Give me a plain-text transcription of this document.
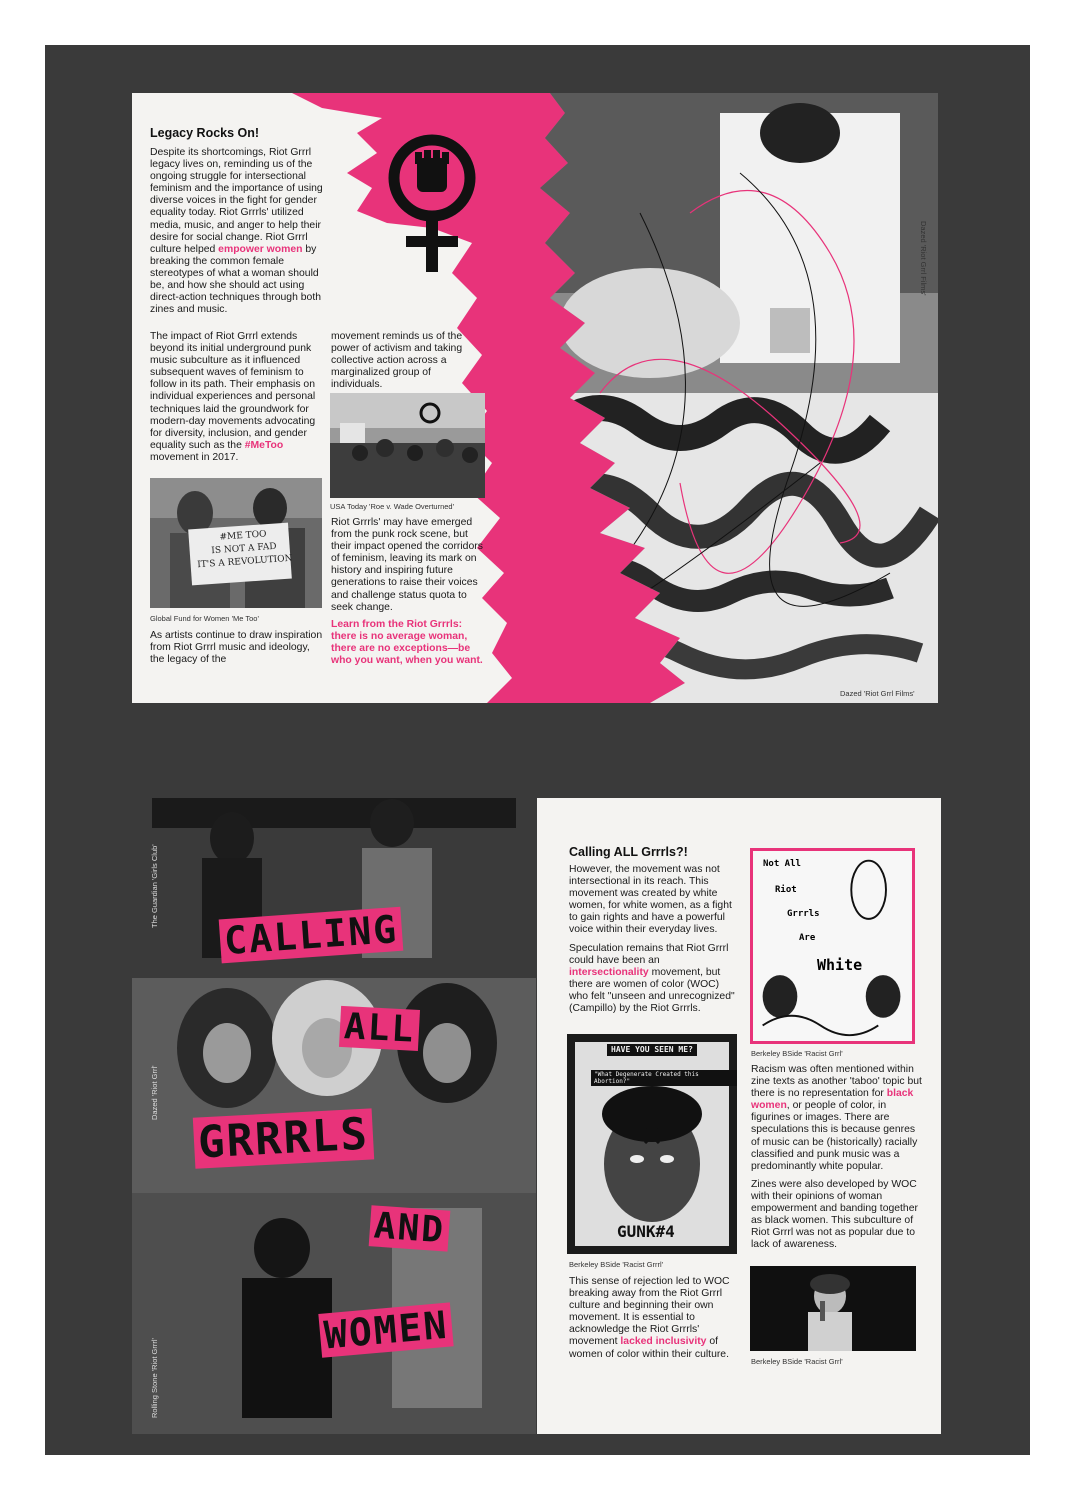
Legacy Rocks On!

Despite its shortcomings, Riot Grrrl legacy lives on, reminding us of the ongoing struggle for intersectional feminism and the importance of using diverse voices in the fight for gender equality today. Riot Grrrls' utilized media, music, and anger to help their desire for social change. Riot Grrrl culture helped empower women by breaking the common female stereotypes of what a woman should be, and how she should act using direct-action techniques through both zines and music.

The impact of Riot Grrrl extends beyond its initial underground punk music subculture as it influenced subsequent waves of feminism to follow in its path. Their emphasis on individual experiences and personal techniques laid the groundwork for modern-day movements advocating for diversity, inclusion, and gender equality such as the #MeToo movement in 2017.

#ME TOO
IS NOT A FAD
IT'S A REVOLUTION
Global Fund for Women 'Me Too'

As artists continue to draw inspiration from Riot Grrrl music and ideology, the legacy of the

movement reminds us of the power of activism and taking collective action across a marginalized group of individuals.

USA Today 'Roe v. Wade Overturned'

Riot Grrrls' may have emerged from the punk rock scene, but their impact opened the corridors of feminism, leaving its mark on history and inspiring future generations to raise their voices and challenge status quota to seek change.

Learn from the Riot Grrrls: there is no average woman, there are no exceptions—be who you want, when you want.
Dazed 'Riot Grrl Films'
Dazed 'Riot Grrl Films'
The Guardian 'Girls Club'
Dazed 'Riot Grrl'
Rolling Stone 'Riot Grrrl'
CALLING
ALL
GRRRLS
AND
WOMEN
Calling ALL Grrrls?!

However, the movement was not intersectional in its reach. This movement was created by white women, for white women, as a fight to gain rights and have a powerful voice within their everyday lives.

Speculation remains that Riot Grrrl could have been an intersectionality movement, but there are women of color (WOC) who felt "unseen and unrecognized" (Campillo) by the Riot Grrrls.

HAVE YOU SEEN ME?
"What Degenerate Created this Abortion?"
GUNK#4
Berkeley BSide 'Racist Grrrl'

This sense of rejection led to WOC breaking away from the Riot Grrrl culture and beginning their own movement. It is essential to acknowledge the Riot Grrrls' movement lacked inclusivity of women of color within their culture.

Not All
Riot
Grrrls
Are
White
Berkeley BSide 'Racist Grrl'

Racism was often mentioned within zine texts as another 'taboo' topic but there is no representation for black women, or people of color, in figurines or images. There are speculations this is because genres of music can be (historically) racially classified and punk music was a predominantly white popular.

Zines were also developed by WOC with their opinions of woman empowerment and banding together as black women. This subculture of Riot Grrrl was not as popular due to lack of awareness.

Berkeley BSide 'Racist Grrl'
